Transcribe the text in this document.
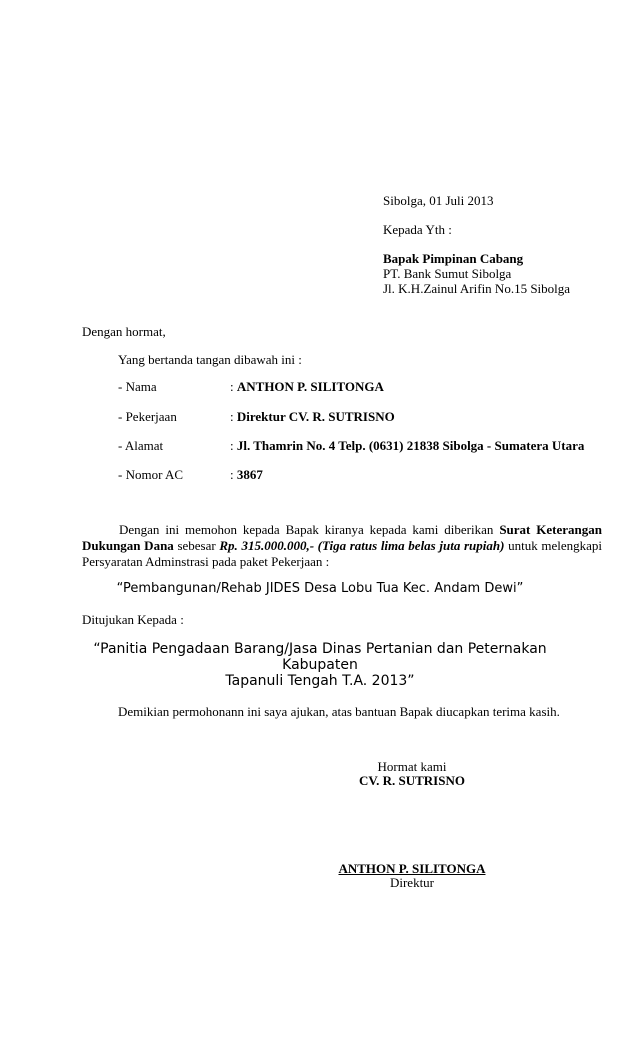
Sibolga, 01 Juli 2013
Kepada Yth :
Bapak Pimpinan Cabang
PT. Bank Sumut Sibolga
Jl. K.H.Zainul Arifin No.15 Sibolga
Dengan hormat,
Yang bertanda tangan dibawah ini :
- Nama	: ANTHON P. SILITONGA
- Pekerjaan	: Direktur CV. R. SUTRISNO
- Alamat	: Jl. Thamrin No. 4 Telp. (0631) 21838 Sibolga - Sumatera Utara
- Nomor AC	: 3867
Dengan ini memohon kepada Bapak kiranya kepada kami diberikan Surat Keterangan Dukungan Dana sebesar Rp. 315.000.000,- (Tiga ratus lima belas juta rupiah) untuk melengkapi Persyaratan Adminstrasi pada paket Pekerjaan :
“Pembangunan/Rehab JIDES Desa Lobu Tua Kec. Andam Dewi”
Ditujukan Kepada :
“Panitia Pengadaan Barang/Jasa Dinas Pertanian dan Peternakan
Kabupaten
Tapanuli Tengah T.A. 2013”
Demikian permohonann ini saya ajukan, atas bantuan Bapak diucapkan terima kasih.
Hormat kami
CV. R. SUTRISNO
ANTHON P. SILITONGA
Direktur
